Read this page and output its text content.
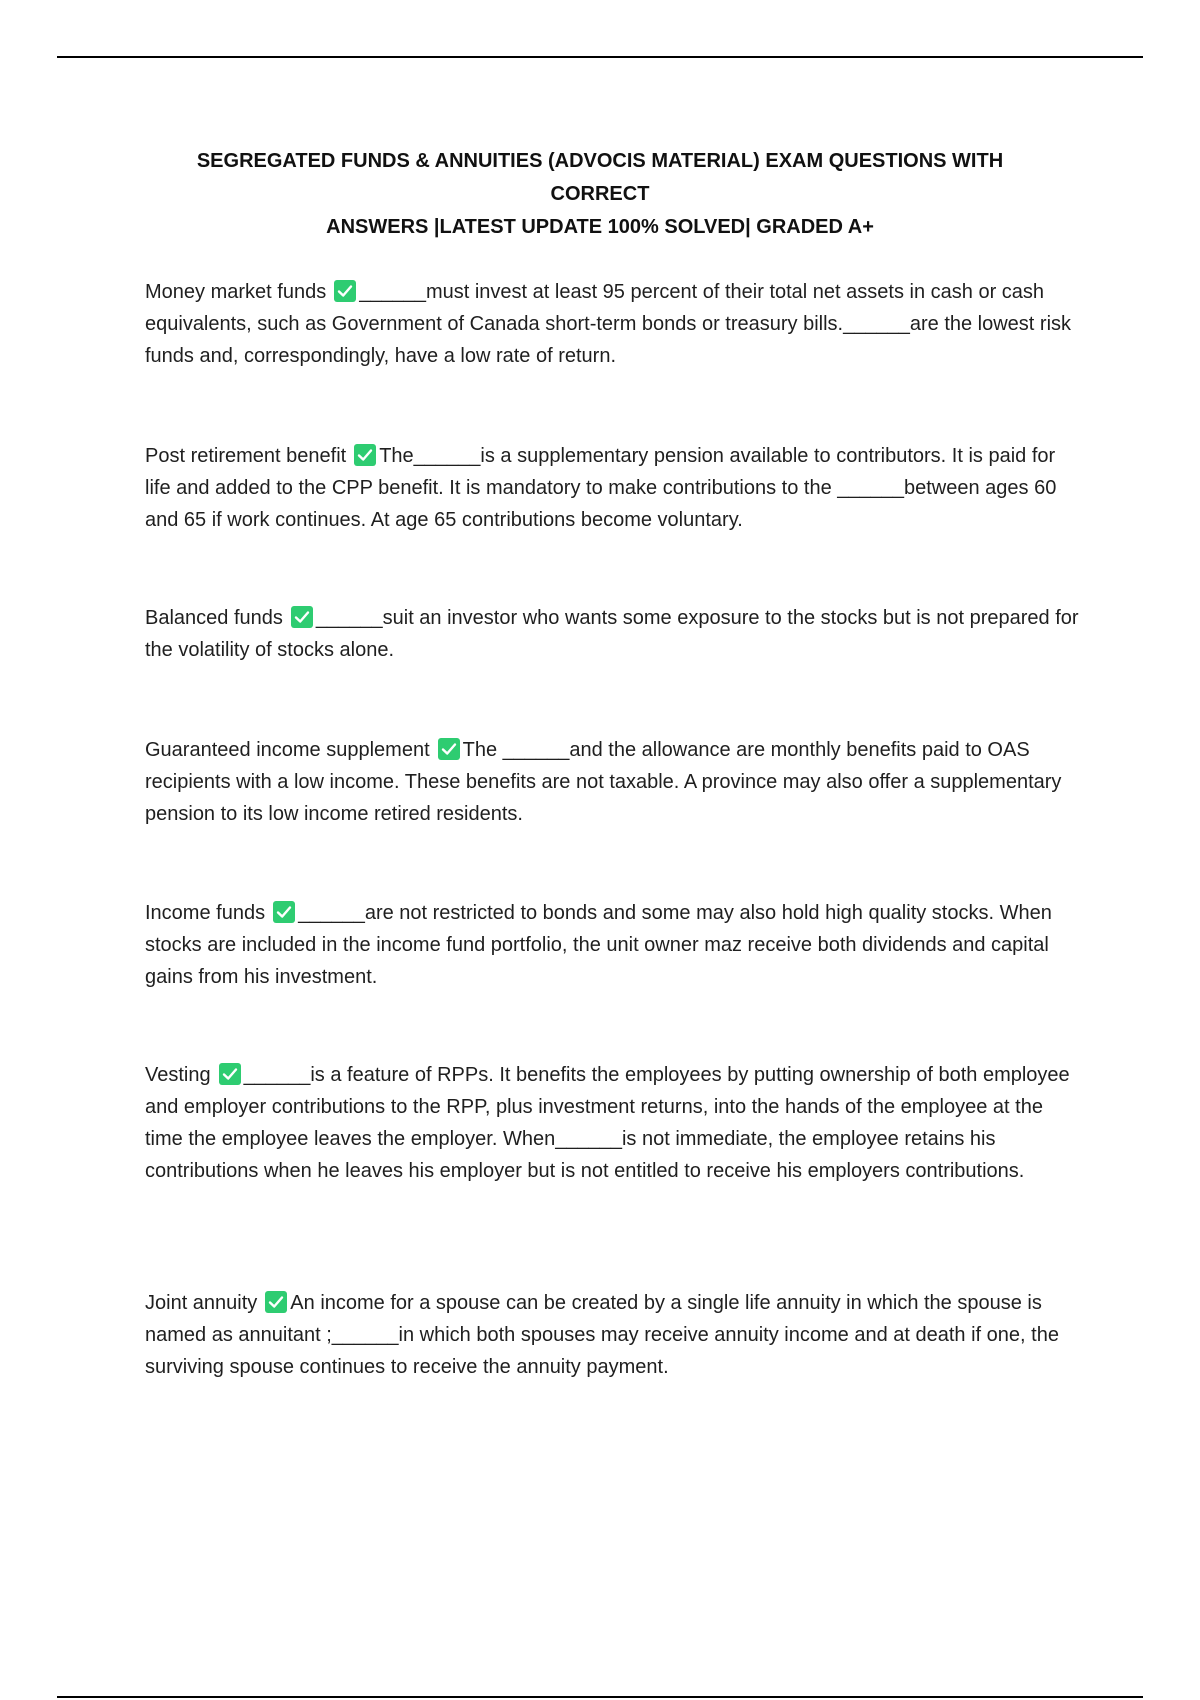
SEGREGATED FUNDS & ANNUITIES (ADVOCIS MATERIAL) EXAM QUESTIONS WITH CORRECT
ANSWERS |LATEST UPDATE 100% SOLVED| GRADED A+

Money market funds ______must invest at least 95 percent of their total net assets in cash or cash equivalents, such as Government of Canada short-term bonds or treasury bills.______are the lowest risk funds and, correspondingly, have a low rate of return.

Post retirement benefit The______is a supplementary pension available to contributors. It is paid for life and added to the CPP benefit. It is mandatory to make contributions to the ______between ages 60 and 65 if work continues. At age 65 contributions become voluntary.

Balanced funds ______suit an investor who wants some exposure to the stocks but is not prepared for the volatility of stocks alone.

Guaranteed income supplement The ______and the allowance are monthly benefits paid to OAS recipients with a low income. These benefits are not taxable. A province may also offer a supplementary pension to its low income retired residents.

Income funds ______are not restricted to bonds and some may also hold high quality stocks. When stocks are included in the income fund portfolio, the unit owner maz receive both dividends and capital gains from his investment.

Vesting ______is a feature of RPPs. It benefits the employees by putting ownership of both employee and employer contributions to the RPP, plus investment returns, into the hands of the employee at the time the employee leaves the employer. When______is not immediate, the employee retains his contributions when he leaves his employer but is not entitled to receive his employers contributions.

Joint annuity An income for a spouse can be created by a single life annuity in which the spouse is named as annuitant ;______in which both spouses may receive annuity income and at death if one, the surviving spouse continues to receive the annuity payment.
